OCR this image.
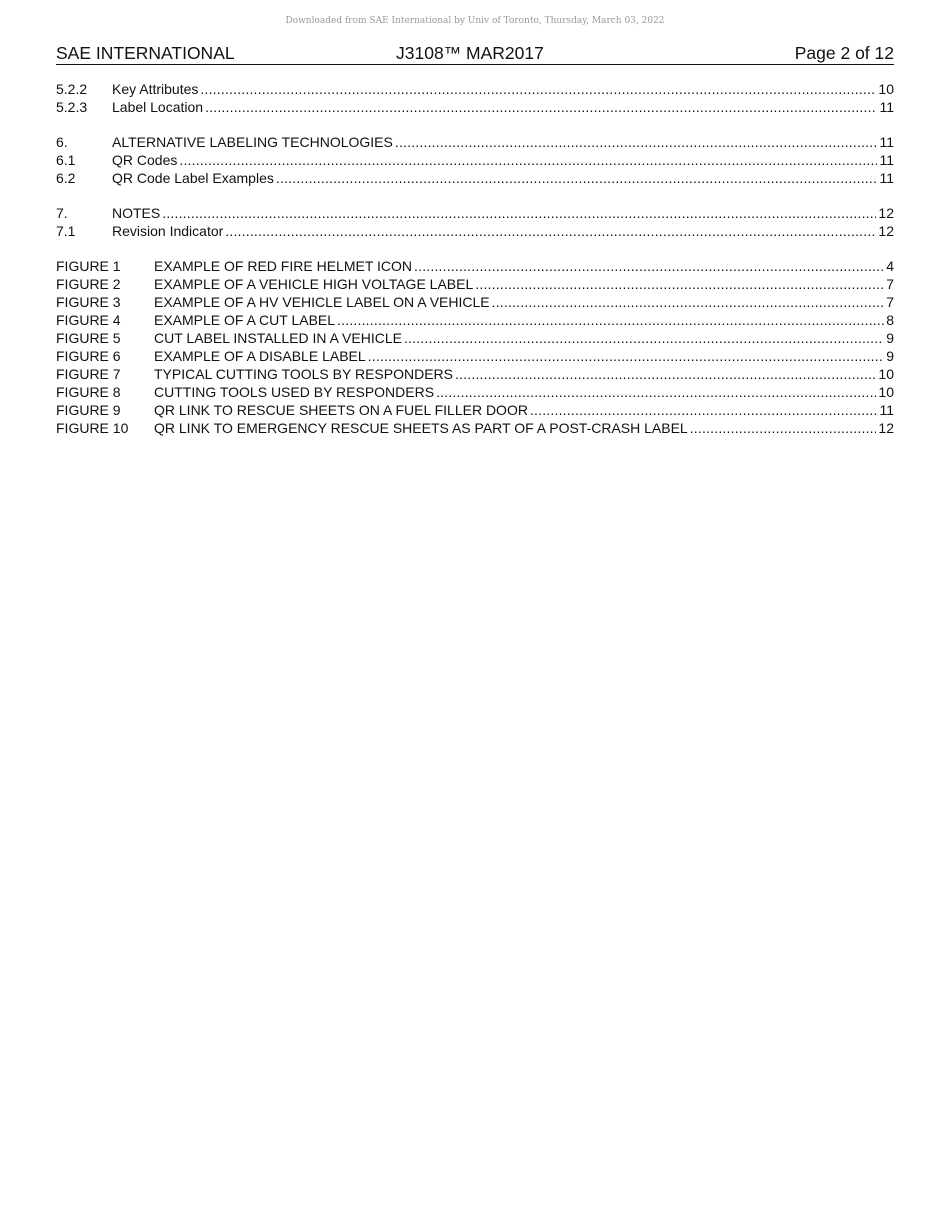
Downloaded from SAE International by Univ of Toronto, Thursday, March 03, 2022
SAE INTERNATIONAL	J3108™ MAR2017	Page 2 of 12
5.2.2 Key Attributes .....	10
5.2.3 Label Location .....	11
6.	ALTERNATIVE LABELING TECHNOLOGIES .....	11
6.1	QR Codes .....	11
6.2	QR Code Label Examples .....	11
7.	NOTES .....	12
7.1	Revision Indicator .....	12
FIGURE 1 EXAMPLE OF RED FIRE HELMET ICON .....	4
FIGURE 2 EXAMPLE OF A VEHICLE HIGH VOLTAGE LABEL .....	7
FIGURE 3 EXAMPLE OF A HV VEHICLE LABEL ON A VEHICLE .....	7
FIGURE 4 EXAMPLE OF A CUT LABEL .....	8
FIGURE 5 CUT LABEL INSTALLED IN A VEHICLE .....	9
FIGURE 6 EXAMPLE OF A DISABLE LABEL .....	9
FIGURE 7 TYPICAL CUTTING TOOLS BY RESPONDERS .....	10
FIGURE 8 CUTTING TOOLS USED BY RESPONDERS .....	10
FIGURE 9 QR LINK TO RESCUE SHEETS ON A FUEL FILLER DOOR .....	11
FIGURE 10 QR LINK TO EMERGENCY RESCUE SHEETS AS PART OF A POST-CRASH LABEL .....	12
